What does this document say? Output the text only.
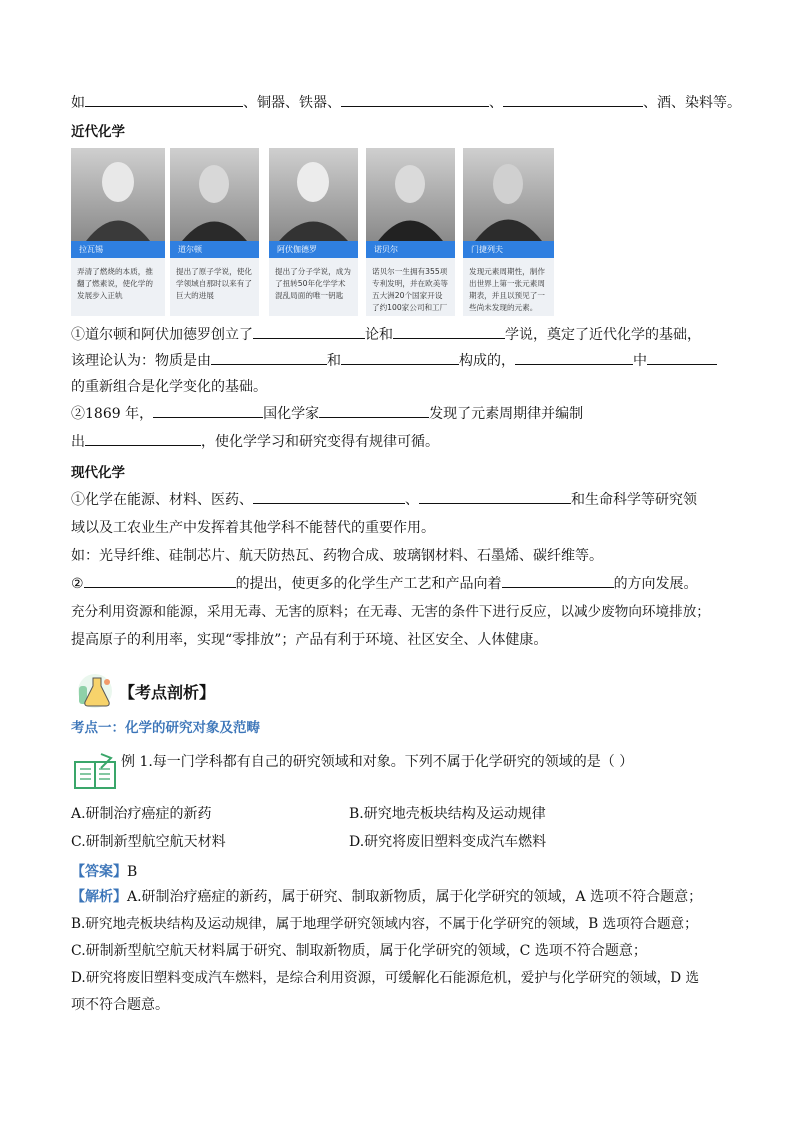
如	、铜器、铁器、	、	、酒、染料等。

近代化学

拉瓦锡
弄清了燃烧的本质，推翻了燃素说，使化学的发展步入正轨
道尔顿
提出了原子学说，使化学领域自那时以来有了巨大的进展
阿伏伽德罗
提出了分子学说，成为了扭转50年化学学术混乱局面的唯一钥匙
诺贝尔
诺贝尔一生拥有355项专利发明，并在欧美等五大洲20个国家开设了约100家公司和工厂
门捷列夫
发现元素周期性，制作出世界上第一张元素周期表，并且以预见了一些尚未发现的元素。

①道尔顿和阿伏加德罗创立了	论和	学说，奠定了近代化学的基础，

该理论认为：物质是由	和	构成的，	中

的重新组合是化学变化的基础。

②1869 年，	国化学家	发现了元素周期律并编制

出	，使化学学习和研究变得有规律可循。

现代化学

①化学在能源、材料、医药、	、	和生命科学等研究领

域以及工农业生产中发挥着其他学科不能替代的重要作用。

如：光导纤维、硅制芯片、航天防热瓦、药物合成、玻璃钢材料、石墨烯、碳纤维等。

②	的提出，使更多的化学生产工艺和产品向着	的方向发展。

充分利用资源和能源，采用无毒、无害的原料；在无毒、无害的条件下进行反应，以减少废物向环境排放；

提高原子的利用率，实现“零排放”；产品有利于环境、社区安全、人体健康。

【考点剖析】

考点一：化学的研究对象及范畴

例 1.每一门学科都有自己的研究领域和对象。下列不属于化学研究的领域的是（ ）
A.研制治疗癌症的新药	B.研究地壳板块结构及运动规律
C.研制新型航空航天材料	D.研究将废旧塑料变成汽车燃料

【答案】B

【解析】A.研制治疗癌症的新药，属于研究、制取新物质，属于化学研究的领域，A 选项不符合题意；

B.研究地壳板块结构及运动规律，属于地理学研究领域内容，不属于化学研究的领域，B 选项符合题意；

C.研制新型航空航天材料属于研究、制取新物质，属于化学研究的领域，C 选项不符合题意；

D.研究将废旧塑料变成汽车燃料，是综合利用资源，可缓解化石能源危机，爱护与化学研究的领域，D 选

项不符合题意。
